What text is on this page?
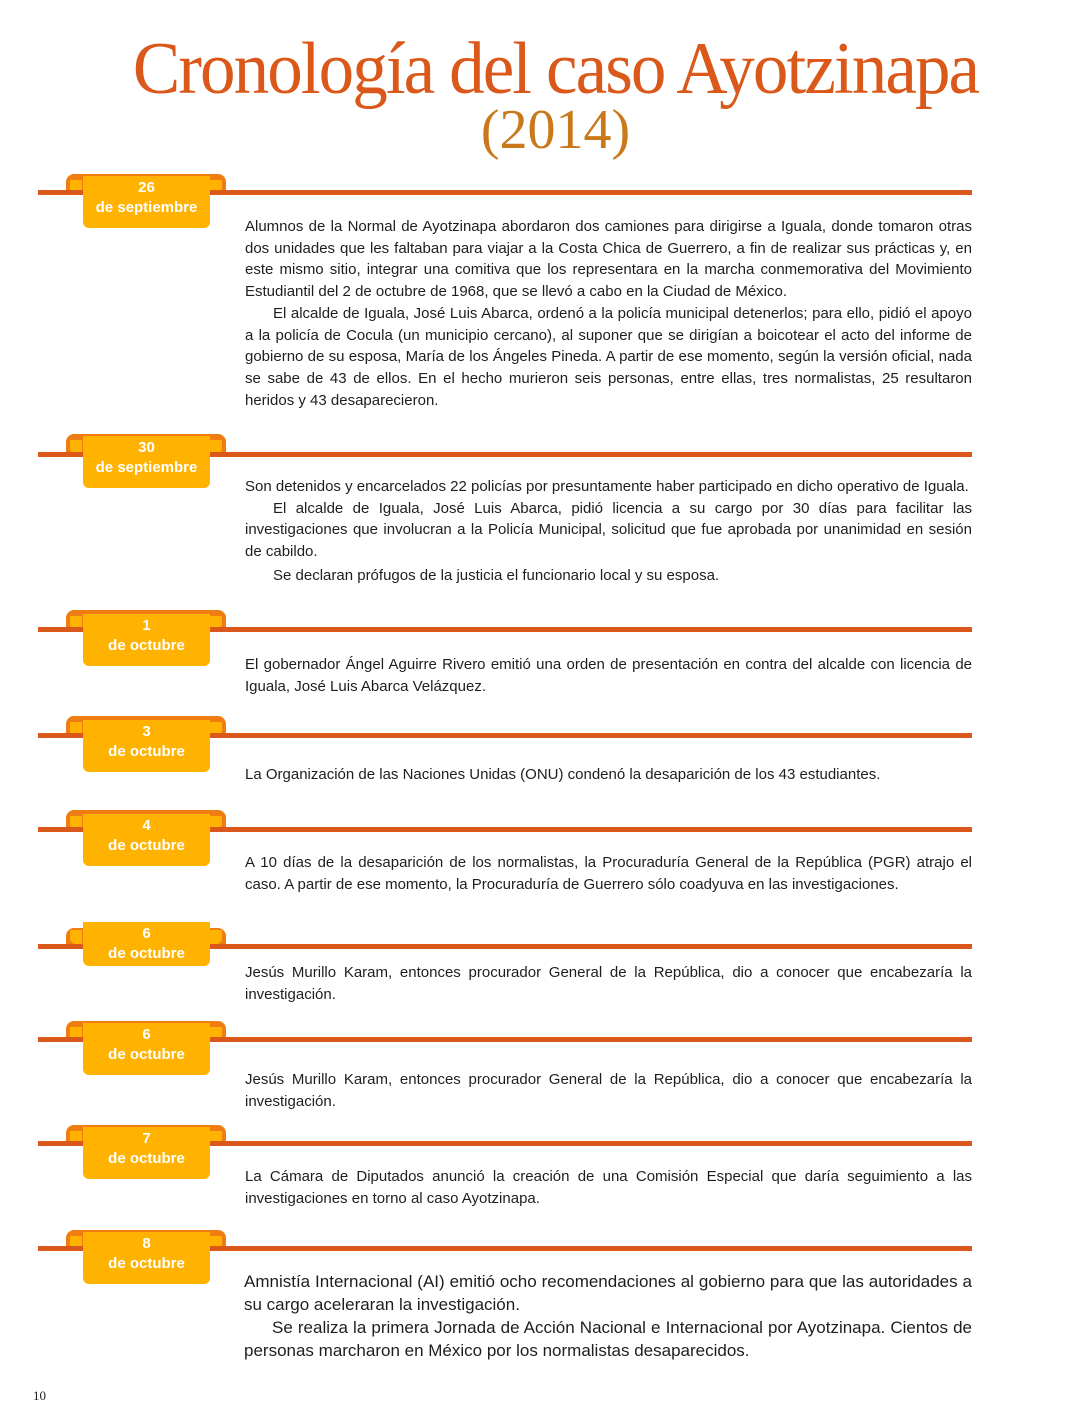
Cronología del caso Ayotzinapa
(2014)
26
de septiembre

Alumnos de la Normal de Ayotzinapa abordaron dos camiones para dirigirse a Iguala, donde tomaron otras dos unidades que les faltaban para viajar a la Costa Chica de Guerrero, a fin de realizar sus prácticas y, en este mismo sitio, integrar una comitiva que los representara en la marcha conmemorativa del Movimiento Estudiantil del 2 de octubre de 1968, que se llevó a cabo en la Ciudad de México.

El alcalde de Iguala, José Luis Abarca, ordenó a la policía municipal detenerlos; para ello, pidió el apoyo a la policía de Cocula (un municipio cercano), al suponer que se dirigían a boicotear el acto del informe de gobierno de su esposa, María de los Ángeles Pineda. A partir de ese momento, según la versión oficial, nada se sabe de 43 de ellos. En el hecho murieron seis personas, entre ellas, tres normalistas, 25 resultaron heridos y 43 desaparecieron.

30
de septiembre

Son detenidos y encarcelados 22 policías por presuntamente haber participado en dicho operativo de Iguala.

El alcalde de Iguala, José Luis Abarca, pidió licencia a su cargo por 30 días para facilitar las investigaciones que involucran a la Policía Municipal, solicitud que fue aprobada por unanimidad en sesión de cabildo.

Se declaran prófugos de la justicia el funcionario local y su esposa.

1
de octubre

El gobernador Ángel Aguirre Rivero emitió una orden de presentación en contra del alcalde con licencia de Iguala, José Luis Abarca Velázquez.

3
de octubre

La Organización de las Naciones Unidas (ONU) condenó la desaparición de los 43 estudiantes.

4
de octubre

A 10 días de la desaparición de los normalistas, la Procuraduría General de la República (PGR) atrajo el caso. A partir de ese momento, la Procuraduría de Guerrero sólo coadyuva en las investigaciones.

6
de octubre

Jesús Murillo Karam, entonces procurador General de la República, dio a conocer que encabezaría la investigación.

6
de octubre

Jesús Murillo Karam, entonces procurador General de la República, dio a conocer que encabezaría la investigación.

7
de octubre

La Cámara de Diputados anunció la creación de una Comisión Especial que daría seguimiento a las investigaciones en torno al caso Ayotzinapa.

8
de octubre

Amnistía Internacional (AI) emitió ocho recomendaciones al gobierno para que las autoridades a su cargo aceleraran la investigación.

Se realiza la primera Jornada de Acción Nacional e Internacional por Ayotzinapa. Cientos de personas marcharon en México por los normalistas desaparecidos.

10
